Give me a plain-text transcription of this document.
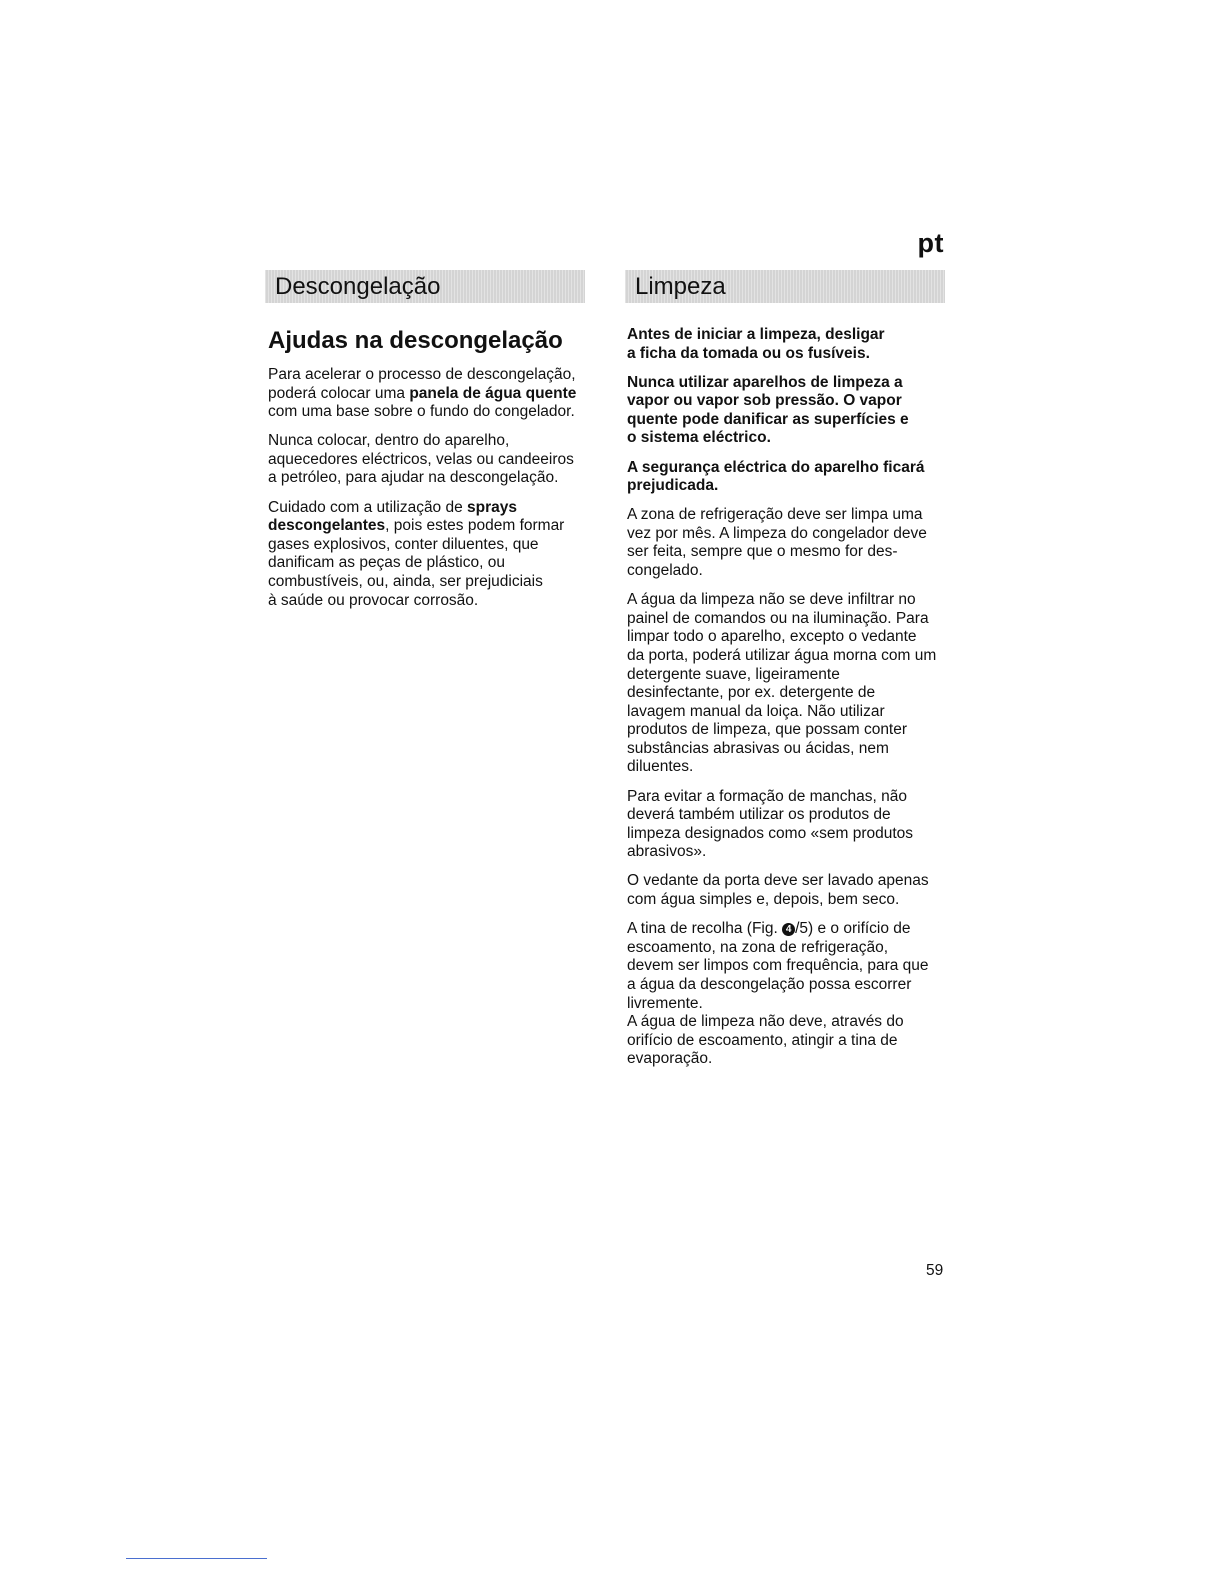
pt
Descongelação	Limpeza
Ajudas na descongelação

Para acelerar o processo de descongelação,
poderá colocar uma panela de água quente
com uma base sobre o fundo do congelador.

Nunca colocar, dentro do aparelho,
aquecedores eléctricos, velas ou candeeiros
a petróleo, para ajudar na descongelação.

Cuidado com a utilização de sprays
descongelantes, pois estes podem formar
gases explosivos, conter diluentes, que
danificam as peças de plástico, ou
combustíveis, ou, ainda, ser prejudiciais
à saúde ou provocar corrosão.

Antes de iniciar a limpeza, desligar
a ficha da tomada ou os fusíveis.

Nunca utilizar aparelhos de limpeza a
vapor ou vapor sob pressão. O vapor
quente pode danificar as superfícies e
o sistema eléctrico.

A segurança eléctrica do aparelho ficará
prejudicada.

A zona de refrigeração deve ser limpa uma
vez por mês. A limpeza do congelador deve
ser feita, sempre que o mesmo for des-
congelado.

A água da limpeza não se deve infiltrar no
painel de comandos ou na iluminação. Para
limpar todo o aparelho, excepto o vedante
da porta, poderá utilizar água morna com um
detergente suave, ligeiramente
desinfectante, por ex. detergente de
lavagem manual da loiça. Não utilizar
produtos de limpeza, que possam conter
substâncias abrasivas ou ácidas, nem
diluentes.

Para evitar a formação de manchas, não
deverá também utilizar os produtos de
limpeza designados como «sem produtos
abrasivos».

O vedante da porta deve ser lavado apenas
com água simples e, depois, bem seco.

A tina de recolha (Fig. 4 /5) e o orifício de
escoamento, na zona de refrigeração,
devem ser limpos com frequência, para que
a água da descongelação possa escorrer
livremente.
A água de limpeza não deve, através do
orifício de escoamento, atingir a tina de
evaporação.

59
